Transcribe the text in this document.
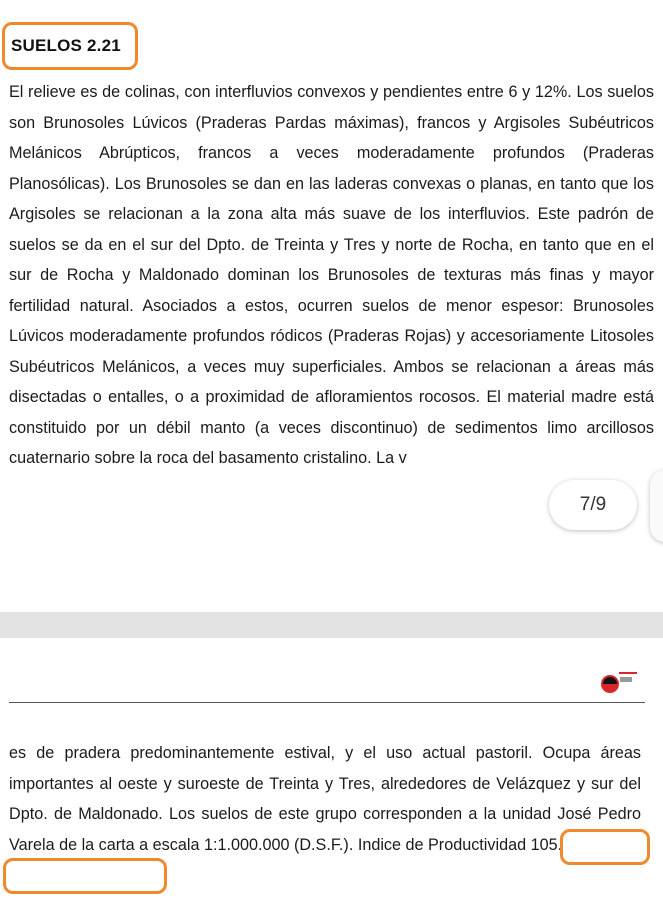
SUELOS 2.21

El relieve es de colinas, con interfluvios convexos y pendientes entre 6 y 12%. Los suelos son Brunosoles Lúvicos (Praderas Pardas máximas), francos y Argisoles Subéutricos Melánicos Abrúpticos, francos a veces moderadamente profundos (Praderas Planosólicas). Los Brunosoles se dan en las laderas convexas o planas, en tanto que los Argisoles se relacionan a la zona alta más suave de los interfluvios. Este padrón de suelos se da en el sur del Dpto. de Treinta y Tres y norte de Rocha, en tanto que en el sur de Rocha y Maldonado dominan los Brunosoles de texturas más finas y mayor fertilidad natural. Asociados a estos, ocurren suelos de menor espesor: Brunosoles Lúvicos moderadamente profundos ródicos (Praderas Rojas) y accesoriamente Litosoles Subéutricos Melánicos, a veces muy superficiales. Ambos se relacionan a áreas más disectadas o entalles, o a proximidad de afloramientos rocosos. El material madre está constituido por un débil manto (a veces discontinuo) de sedimentos limo arcillosos cuaternario sobre la roca del basamento cristalino. La v

7/9

es de pradera predominantemente estival, y el uso actual pastoril. Ocupa áreas importantes al oeste y suroeste de Treinta y Tres, alrededores de Velázquez y sur del Dpto. de Maldonado. Los suelos de este grupo corresponden a la unidad José Pedro Varela de la carta a escala 1:1.000.000 (D.S.F.). Indice de Productividad 105.
